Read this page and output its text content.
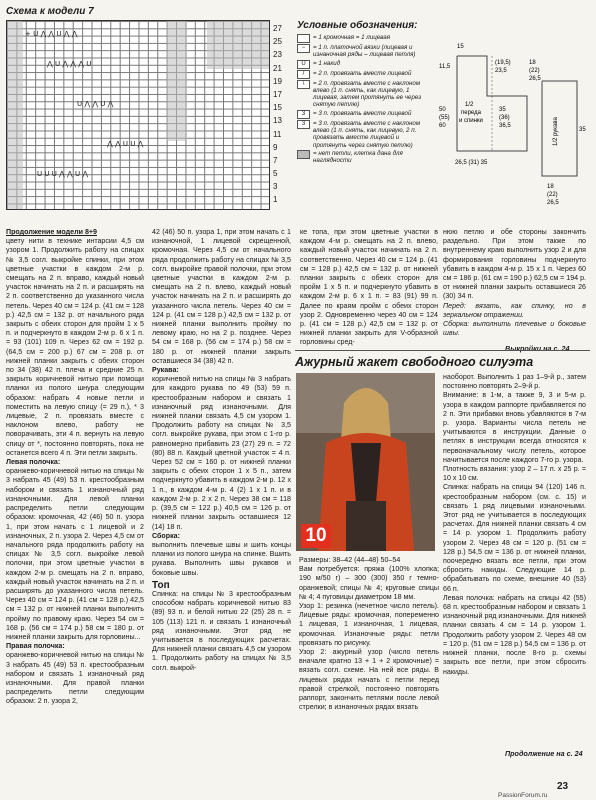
Схема к модели 7
+ U ⋀ ⋀ U ⋀ ⋀
⋀ U ⋀ ⋀ ⋀ U
U ⋀ ⋀ U ⋀
⋀ ⋀ U U ⋀
U U U ⋀ ⋀ U ⋀
27
25
23
21
19
17
15
13
11
9
7
5
3
1
Условные обозначения:
= 1 кромочная = 1 лицевая
−	= 1 п. платочной вязки (лицевая и изнаночная ряды – лицевая петля)
U	= 1 накид
/	= 2 п. провязать вместе лицевой
\	= 2 п. провязать вместе с наклоном влево (1 п. снять, как лицевую, 1 лицевая, затем протянуть ее через снятую петлю)
3	= 3 п. провязать вместе лицевой
3	= 3 п. провязать вместе с наклоном влево (1 п. снять, как лицевую, 2 п. провязать вместе лицевой и протянуть через снятую петлю)
= нет петли, клетка дана для наглядности
15
11,5
(19,5)
23,5
18
(22)
26,5
50
(55)
60
1/2
переда
и спинки
35
(36)
36,5	1/2 рукава	35
26,5 (31) 35
18
(22)
26,5

Продолжение модели 8+9

цвету нити в технике интарсии 4,5 см узором 1. Продолжить работу на спицах № 3,5 согл. выкройке спинки, при этом цветные участки в каждом 2-м р. смещать на 2 п. вправо, каждый новый участок начинать на 2 п. и расширять на 2 п. соответственно до указанного числа петель. Через 40 см = 124 р. (41 см = 128 р.) 42,5 см = 132 р. от начального ряда закрыть с обеих сторон для пройм 1 х 5 п. и подчеркнуто в каждом 2-м р. 6 х 1 п. = 93 (101) 109 п. Через 62 см = 192 р. (64,5 см = 200 р.) 67 см = 208 р. от нижней планки закрыть с обеих сторон по 34 (38) 42 п. плеча и средние 25 п. закрыть коричневой нитью при помощи планки из полого шнура следующим образом: набрать 4 новые петли и поместить на левую спицу (= 29 п.), * 3 лицевые, 2 п. провязать вместе с наклоном влево, работу не поворачивать, эти 4 п. вернуть на левую спицу от *, постоянно повторять, пока не останется всего 4 п. Эти петли закрыть.

Левая полочка:

оранжево-коричневой нитью на спицы № 3 набрать 45 (49) 53 п. крестообразным набором и связать 1 изнаночный ряд изнаночными. Для левой планки распределить петли следующим образом: кромочная, 42 (46) 50 п. узора 1, при этом начать с 1 лицевой и 2 изнаночных, 2 п. узора 2. Через 4,5 см от начального ряда продолжить работу на спицах № 3,5 согл. выкройке левой полочки, при этом цветные участки в каждом 2-м р. смещать на 2 п. вправо, каждый новый участок начинать на 2 п. и расширять до указанного числа петель. Через 40 см = 124 р. (41 см = 128 р.) 42,5 см = 132 р. от нижней планки выполнить пройму по правому краю. Через 54 см = 168 р. (56 см = 174 р.) 58 см = 180 р. от нижней планки закрыть для горловины...

Правая полочка:

оранжево-коричневой нитью на спицы № 3 набрать 45 (49) 53 п. крестообразным набором и связать 1 изнаночный ряд изнаночными. Для правой планки распределить петли следующим образом: 2 п. узора 2,

42 (46) 50 п. узора 1, при этом начать с 1 изнаночной, 1 лицевой скрещенной, кромочная. Через 4,5 см от начального ряда продолжить работу на спицах № 3,5 согл. выкройке правой полочки, при этом цветные участки в каждом 2-м р. смещать на 2 п. влево, каждый новый участок начинать на 2 п. и расширять до указанного числа петель. Через 40 см = 124 р. (41 см = 128 р.) 42,5 см = 132 р. от нижней планки выполнить пройму по левому краю, но на 2 р. позднее. Через 54 см = 168 р. (56 см = 174 р.) 58 см = 180 р. от нижней планки закрыть оставшиеся 34 (38) 42 п.

Рукава:

коричневой нитью на спицы № 3 набрать для каждого рукава по 49 (53) 59 п. крестообразным набором и связать 1 изнаночный ряд изнаночными. Для нижней планки связать 4,5 см узором 1. Продолжить работу на спицах № 3,5 согл. выкройке рукава, при этом с 1-го р. равномерно прибавить 23 (27) 29 п. = 72 (80) 88 п. Каждый цветной участок = 4 п. Через 52 см = 160 р. от нижней планки закрыть с обеих сторон 1 х 5 п., затем подчеркнуто убавить в каждом 2-м р. 12 х 1 п., в каждом 4-м р. 4 (2) 1 х 1 п. и в каждом 2-м р. 2 х 2 п. Через 38 см = 118 р. (39,5 см = 122 р.) 40,5 см = 126 р. от нижней планки закрыть оставшиеся 12 (14) 18 п.

Сборка:

выполнить плечевые швы и шить концы планки из полого шнура на спинке. Вшить рукава. Выполнить швы рукавов и боковые швы.

Топ

Спинка: на спицы № 3 крестообразным способом набрать коричневой нитью 83 (89) 93 п. и белой нитью 22 (25) 28 п. = 105 (113) 121 п. и связать 1 изнаночный ряд изнаночными. Этот ряд не учитывается в последующих расчетах. Для нижней планки связать 4,5 см узором 1. Продолжить работу на спицах № 3,5 согл. выкрой-

ке топа, при этом цветные участки в каждом 4-м р. смещать на 2 п. влево, каждый новый участок начинать на 2 п. соответственно. Через 40 см = 124 р. (41 см = 128 р.) 42,5 см = 132 р. от нижней планки закрыть с обеих сторон для пройм 1 х 5 п. и подчеркнуто убавить в каждом 2-м р. 6 х 1 п. = 83 (91) 99 п. Далее по краям пройм с обеих сторон узор 2. Одновременно через 40 см = 124 р. (41 см = 128 р.) 42,5 см = 132 р. от нижней планки закрыть для V-образной горловины сред-

нюю петлю и обе стороны закончить раздельно. При этом также по внутреннему краю выполнить узор 2 и для формирования горловины подчеркнуто убавить в каждом 4-м р. 15 х 1 п. Через 60 см = 186 р. (61 см = 190 р.) 62,5 см = 194 р. от нижней планки закрыть оставшиеся 26 (30) 34 п.

Перед: вязать, как спинку, но в зеркальном отражении.

Сборка: выполнить плечевые и боковые швы.

Выкройки на с. 24
Ажурный жакет свободного силуэта
10

Размеры: 38–42 (44–48) 50–54

Вам потребуется: пряжа (100% хлопка; 190 м/50 г) – 300 (300) 350 г темно-оранжевой; спицы № 4; круговые спицы № 4; 4 пуговицы диаметром 18 мм.

Узор 1: резинка (нечетное число петель). Лицевые ряды: кромочная, попеременно 1 лицевая, 1 изнаночная, 1 лицевая, кромочная. Изнаночные ряды: петли провязать по рисунку.

Узор 2: ажурный узор (число петель вначале кратно 13 + 1 + 2 кромочные) = вязать согл. схеме. На ней все ряды. В лицевых рядах начать с петли перед правой стрелкой, постоянно повторять раппорт, закончить петлями после левой стрелки; в изнаночных рядах вязать

наоборот. Выполнить 1 раз 1–9-й р., затем постоянно повторять 2–9-й р.

Внимание: в 1-м, а также 9, 3 и 5-м р. узора в каждом раппорте прибавляется по 2 п. Эти прибавки вновь убавляются в 7-м р. узора. Варианты числа петель не учитываются в инструкции. Данные о петлях в инструкции всегда относятся к первоначальному числу петель, которое начитывается после каждого 7-го р. узора.

Плотность вязания: узор 2 – 17 п. х 25 р. = 10 х 10 см.

Спинка: набрать на спицы 94 (120) 146 п. крестообразным набором (см. с. 15) и связать 1 ряд лицевыми изнаночными. Этот ряд не учитывается в последующих расчетах. Для нижней планки связать 4 см = 14 р. узором 1. Продолжить работу узором 2. Через 48 см = 120 р. (51 см = 128 р.) 54,5 см = 136 р. от нижней планки, поочередно вязать все петли, при этом сбросить накиды. Следующие 14 р. обрабатывать по схеме, внешние 40 (53) 66 п.

Левая полочка: набрать на спицы 42 (55) 68 п. крестообразным набором и связать 1 изнаночный ряд изнаночными. Для нижней планки связать 4 см = 14 р. узором 1. Продолжить работу узором 2. Через 48 см = 120 р. (51 см = 128 р.) 54,5 см = 136 р. от нижней планки, после 8-го р. схемы закрыть все петли, при этом сбросить накиды.

Продолжение на с. 24
23
PassionForum.ru
